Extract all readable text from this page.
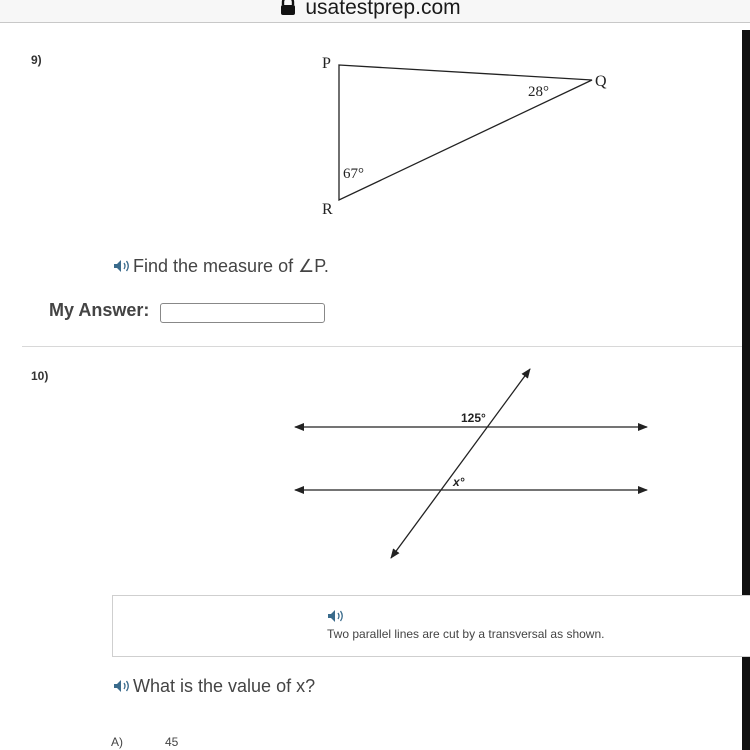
usatestprep.com
9)	P
Q
R
28°
67°
Find the measure of ∠P.
My Answer:
10)
125°
x°
Two parallel lines are cut by a transversal as shown.
What is the value of x?
A)	45
